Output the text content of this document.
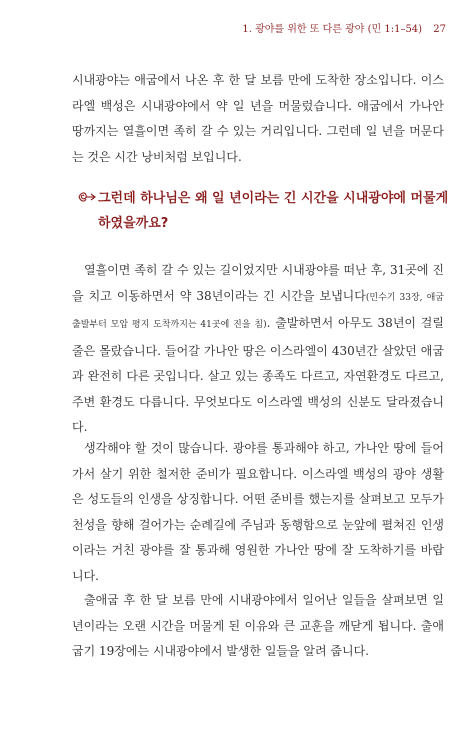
1. 광야를 위한 또 다른 광야 (민 1:1–54) 27

시내광야는 애굽에서 나온 후 한 달 보름 만에 도착한 장소입니다. 이스라엘 백성은 시내광야에서 약 일 년을 머물렀습니다. 애굽에서 가나안 땅까지는 열흘이면 족히 갈 수 있는 거리입니다. 그런데 일 년을 머문다는 것은 시간 낭비처럼 보입니다.

그런데 하나님은 왜 일 년이라는 긴 시간을 시내광야에 머물게 하였을까요?

열흘이면 족히 갈 수 있는 길이었지만 시내광야를 떠난 후, 31곳에 진을 치고 이동하면서 약 38년이라는 긴 시간을 보냅니다(민수기 33장, 애굽 출발부터 모압 평지 도착까지는 41곳에 진을 침). 출발하면서 아무도 38년이 걸릴 줄은 몰랐습니다. 들어갈 가나안 땅은 이스라엘이 430년간 살았던 애굽과 완전히 다른 곳입니다. 살고 있는 종족도 다르고, 자연환경도 다르고, 주변 환경도 다릅니다. 무엇보다도 이스라엘 백성의 신분도 달라졌습니다.

생각해야 할 것이 많습니다. 광야를 통과해야 하고, 가나안 땅에 들어가서 살기 위한 철저한 준비가 필요합니다. 이스라엘 백성의 광야 생활은 성도들의 인생을 상징합니다. 어떤 준비를 했는지를 살펴보고 모두가 천성을 향해 걸어가는 순례길에 주님과 동행함으로 눈앞에 펼쳐진 인생이라는 거친 광야를 잘 통과해 영원한 가나안 땅에 잘 도착하기를 바랍니다.

출애굽 후 한 달 보름 만에 시내광야에서 일어난 일들을 살펴보면 일 년이라는 오랜 시간을 머물게 된 이유와 큰 교훈을 깨닫게 됩니다. 출애굽기 19장에는 시내광야에서 발생한 일들을 알려 줍니다.
